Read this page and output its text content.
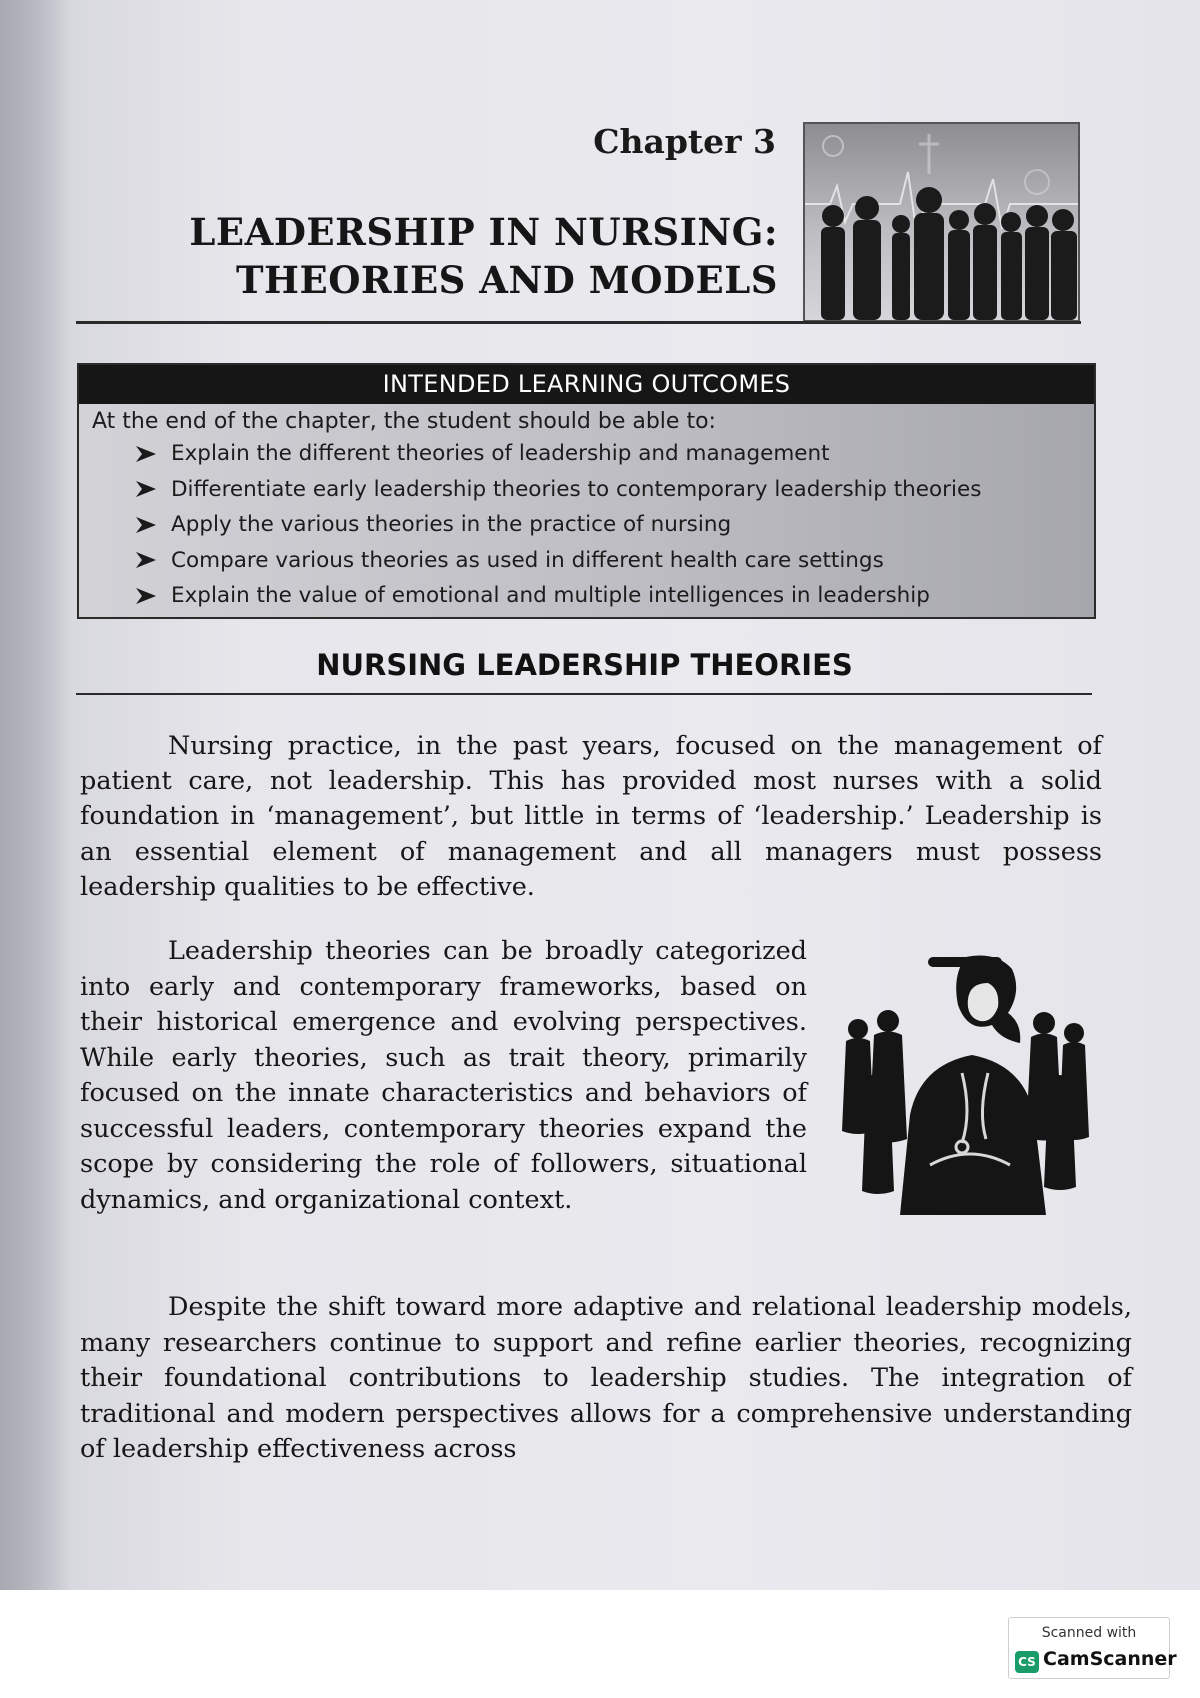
Chapter 3
LEADERSHIP IN NURSING:
THEORIES AND MODELS
INTENDED LEARNING OUTCOMES
At the end of the chapter, the student should be able to:
Explain the different theories of leadership and management
Differentiate early leadership theories to contemporary leadership theories
Apply the various theories in the practice of nursing
Compare various theories as used in different health care settings
Explain the value of emotional and multiple intelligences in leadership
NURSING LEADERSHIP THEORIES

Nursing practice, in the past years, focused on the management of patient care, not leadership. This has provided most nurses with a solid foundation in ‘management’, but little in terms of ‘leadership.’ Leadership is an essential element of management and all managers must possess leadership qualities to be effective.

Leadership theories can be broadly categorized into early and contemporary frameworks, based on their historical emergence and evolving perspectives. While early theories, such as trait theory, primarily focused on the innate characteristics and behaviors of successful leaders, contemporary theories expand the scope by considering the role of followers, situational dynamics, and organizational context.

Despite the shift toward more adaptive and relational leadership models, many researchers continue to support and refine earlier theories, recognizing their foundational contributions to leadership studies. The integration of traditional and modern perspectives allows for a comprehensive understanding of leadership effectiveness across

Scanned with
CS CamScanner
